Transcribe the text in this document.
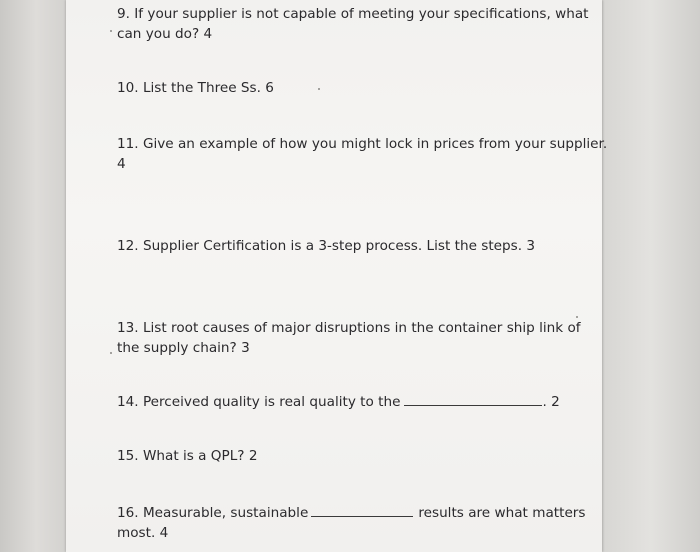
9. If your supplier is not capable of meeting your specifications, what
can you do? 4
10. List the Three Ss. 6
11. Give an example of how you might lock in prices from your supplier.
4
12. Supplier Certification is a 3-step process. List the steps. 3
13. List root causes of major disruptions in the container ship link of
the supply chain? 3
14. Perceived quality is real quality to the	. 2
15. What is a QPL? 2
16. Measurable, sustainable	results are what matters
most. 4
